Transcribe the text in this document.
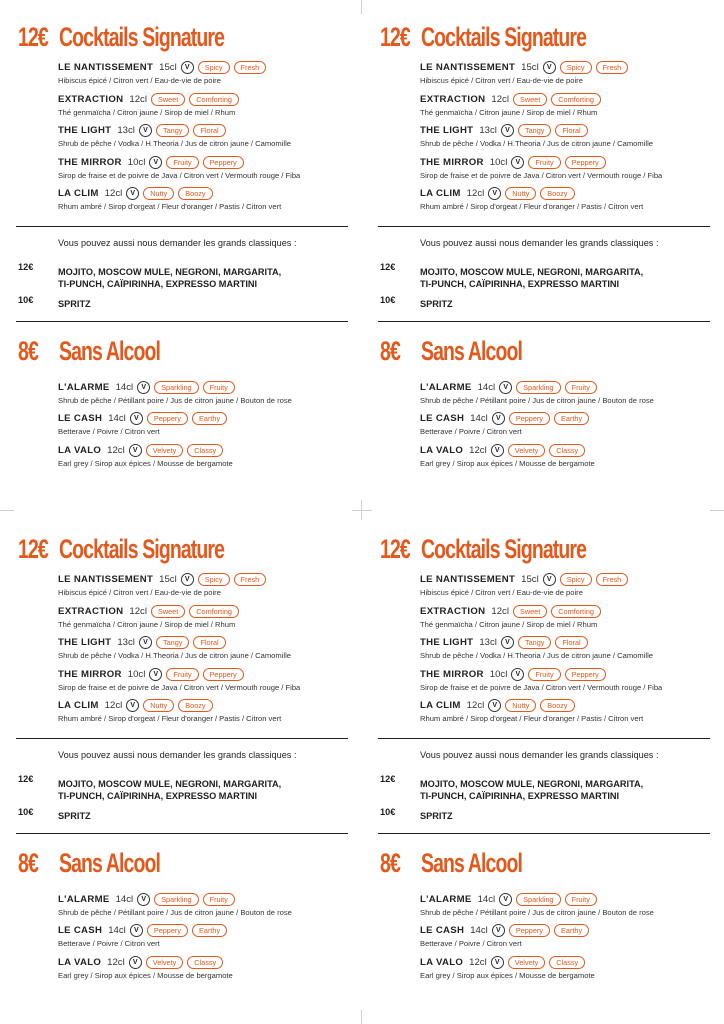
12€ Cocktails Signature
LE NANTISSEMENT 15cl	V	Spicy	Fresh
Hibiscus épicé / Citron vert / Eau-de-vie de poire
EXTRACTION 12cl	Sweet	Comforting
Thé genmaïcha / Citron jaune / Sirop de miel / Rhum
THE LIGHT 13cl	V	Tangy	Floral
Shrub de pêche / Vodka / H.Theoria / Jus de citron jaune / Camomille
THE MIRROR 10cl	V	Fruity	Peppery
Sirop de fraise et de poivre de Java / Citron vert / Vermouth rouge / Fiba
LA CLIM 12cl	V	Nutty	Boozy
Rhum ambré / Sirop d'orgeat / Fleur d'oranger / Pastis / Citron vert
Vous pouvez aussi nous demander les grands classiques :
12€	MOJITO, MOSCOW MULE, NEGRONI, MARGARITA,
TI-PUNCH, CAÏPIRINHA, EXPRESSO MARTINI
10€	SPRITZ
8€ Sans Alcool
L'ALARME 14cl	V	Sparkling	Fruity
Shrub de pêche / Pétillant poire / Jus de citron jaune / Bouton de rose
LE CASH 14cl	V	Peppery	Earthy
Betterave / Poivre / Citron vert
LA VALO 12cl	V	Velvety	Classy
Earl grey / Sirop aux épices / Mousse de bergamote
12€ Cocktails Signature
LE NANTISSEMENT 15cl	V	Spicy	Fresh
Hibiscus épicé / Citron vert / Eau-de-vie de poire
EXTRACTION 12cl	Sweet	Comforting
Thé genmaïcha / Citron jaune / Sirop de miel / Rhum
THE LIGHT 13cl	V	Tangy	Floral
Shrub de pêche / Vodka / H.Theoria / Jus de citron jaune / Camomille
THE MIRROR 10cl	V	Fruity	Peppery
Sirop de fraise et de poivre de Java / Citron vert / Vermouth rouge / Fiba
LA CLIM 12cl	V	Nutty	Boozy
Rhum ambré / Sirop d'orgeat / Fleur d'oranger / Pastis / Citron vert
Vous pouvez aussi nous demander les grands classiques :
12€	MOJITO, MOSCOW MULE, NEGRONI, MARGARITA,
TI-PUNCH, CAÏPIRINHA, EXPRESSO MARTINI
10€	SPRITZ
8€ Sans Alcool
L'ALARME 14cl	V	Sparkling	Fruity
Shrub de pêche / Pétillant poire / Jus de citron jaune / Bouton de rose
LE CASH 14cl	V	Peppery	Earthy
Betterave / Poivre / Citron vert
LA VALO 12cl	V	Velvety	Classy
Earl grey / Sirop aux épices / Mousse de bergamote
12€ Cocktails Signature
LE NANTISSEMENT 15cl	V	Spicy	Fresh
Hibiscus épicé / Citron vert / Eau-de-vie de poire
EXTRACTION 12cl	Sweet	Comforting
Thé genmaïcha / Citron jaune / Sirop de miel / Rhum
THE LIGHT 13cl	V	Tangy	Floral
Shrub de pêche / Vodka / H.Theoria / Jus de citron jaune / Camomille
THE MIRROR 10cl	V	Fruity	Peppery
Sirop de fraise et de poivre de Java / Citron vert / Vermouth rouge / Fiba
LA CLIM 12cl	V	Nutty	Boozy
Rhum ambré / Sirop d'orgeat / Fleur d'oranger / Pastis / Citron vert
Vous pouvez aussi nous demander les grands classiques :
12€	MOJITO, MOSCOW MULE, NEGRONI, MARGARITA,
TI-PUNCH, CAÏPIRINHA, EXPRESSO MARTINI
10€	SPRITZ
8€ Sans Alcool
L'ALARME 14cl	V	Sparkling	Fruity
Shrub de pêche / Pétillant poire / Jus de citron jaune / Bouton de rose
LE CASH 14cl	V	Peppery	Earthy
Betterave / Poivre / Citron vert
LA VALO 12cl	V	Velvety	Classy
Earl grey / Sirop aux épices / Mousse de bergamote
12€ Cocktails Signature
LE NANTISSEMENT 15cl	V	Spicy	Fresh
Hibiscus épicé / Citron vert / Eau-de-vie de poire
EXTRACTION 12cl	Sweet	Comforting
Thé genmaïcha / Citron jaune / Sirop de miel / Rhum
THE LIGHT 13cl	V	Tangy	Floral
Shrub de pêche / Vodka / H.Theoria / Jus de citron jaune / Camomille
THE MIRROR 10cl	V	Fruity	Peppery
Sirop de fraise et de poivre de Java / Citron vert / Vermouth rouge / Fiba
LA CLIM 12cl	V	Nutty	Boozy
Rhum ambré / Sirop d'orgeat / Fleur d'oranger / Pastis / Citron vert
Vous pouvez aussi nous demander les grands classiques :
12€	MOJITO, MOSCOW MULE, NEGRONI, MARGARITA,
TI-PUNCH, CAÏPIRINHA, EXPRESSO MARTINI
10€	SPRITZ
8€ Sans Alcool
L'ALARME 14cl	V	Sparkling	Fruity
Shrub de pêche / Pétillant poire / Jus de citron jaune / Bouton de rose
LE CASH 14cl	V	Peppery	Earthy
Betterave / Poivre / Citron vert
LA VALO 12cl	V	Velvety	Classy
Earl grey / Sirop aux épices / Mousse de bergamote
